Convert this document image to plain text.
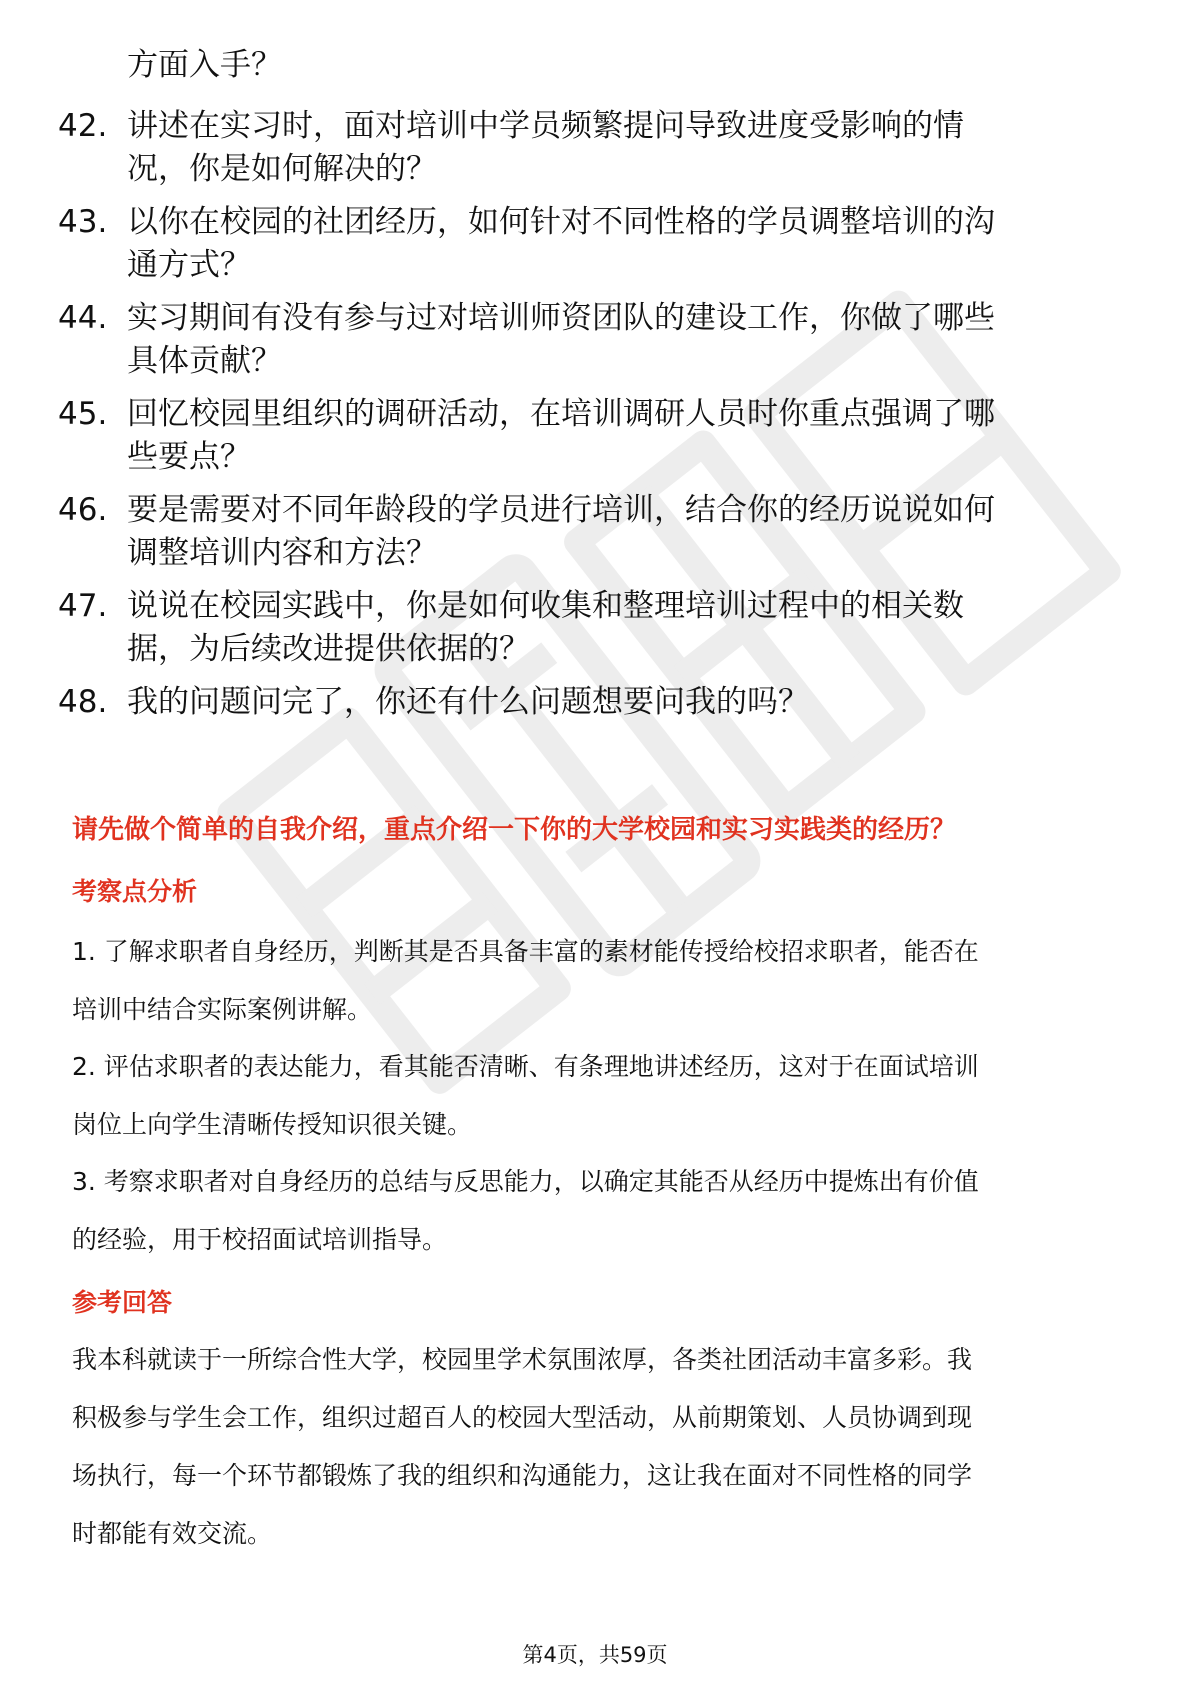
方面入手？
42. 讲述在实习时，面对培训中学员频繁提问导致进度受影响的情
况，你是如何解决的？
43. 以你在校园的社团经历，如何针对不同性格的学员调整培训的沟
通方式？
44. 实习期间有没有参与过对培训师资团队的建设工作，你做了哪些
具体贡献？
45. 回忆校园里组织的调研活动，在培训调研人员时你重点强调了哪
些要点？
46. 要是需要对不同年龄段的学员进行培训，结合你的经历说说如何
调整培训内容和方法？
47. 说说在校园实践中，你是如何收集和整理培训过程中的相关数
据，为后续改进提供依据的？
48. 我的问题问完了，你还有什么问题想要问我的吗？
请先做个简单的自我介绍，重点介绍一下你的大学校园和实习实践类的经历？
考察点分析
1. 了解求职者自身经历，判断其是否具备丰富的素材能传授给校招求职者，能否在
培训中结合实际案例讲解。
2. 评估求职者的表达能力，看其能否清晰、有条理地讲述经历，这对于在面试培训
岗位上向学生清晰传授知识很关键。
3. 考察求职者对自身经历的总结与反思能力，以确定其能否从经历中提炼出有价值
的经验，用于校招面试培训指导。
参考回答
我本科就读于一所综合性大学，校园里学术氛围浓厚，各类社团活动丰富多彩。我
积极参与学生会工作，组织过超百人的校园大型活动，从前期策划、人员协调到现
场执行，每一个环节都锻炼了我的组织和沟通能力，这让我在面对不同性格的同学
时都能有效交流。
第4页，共59页
